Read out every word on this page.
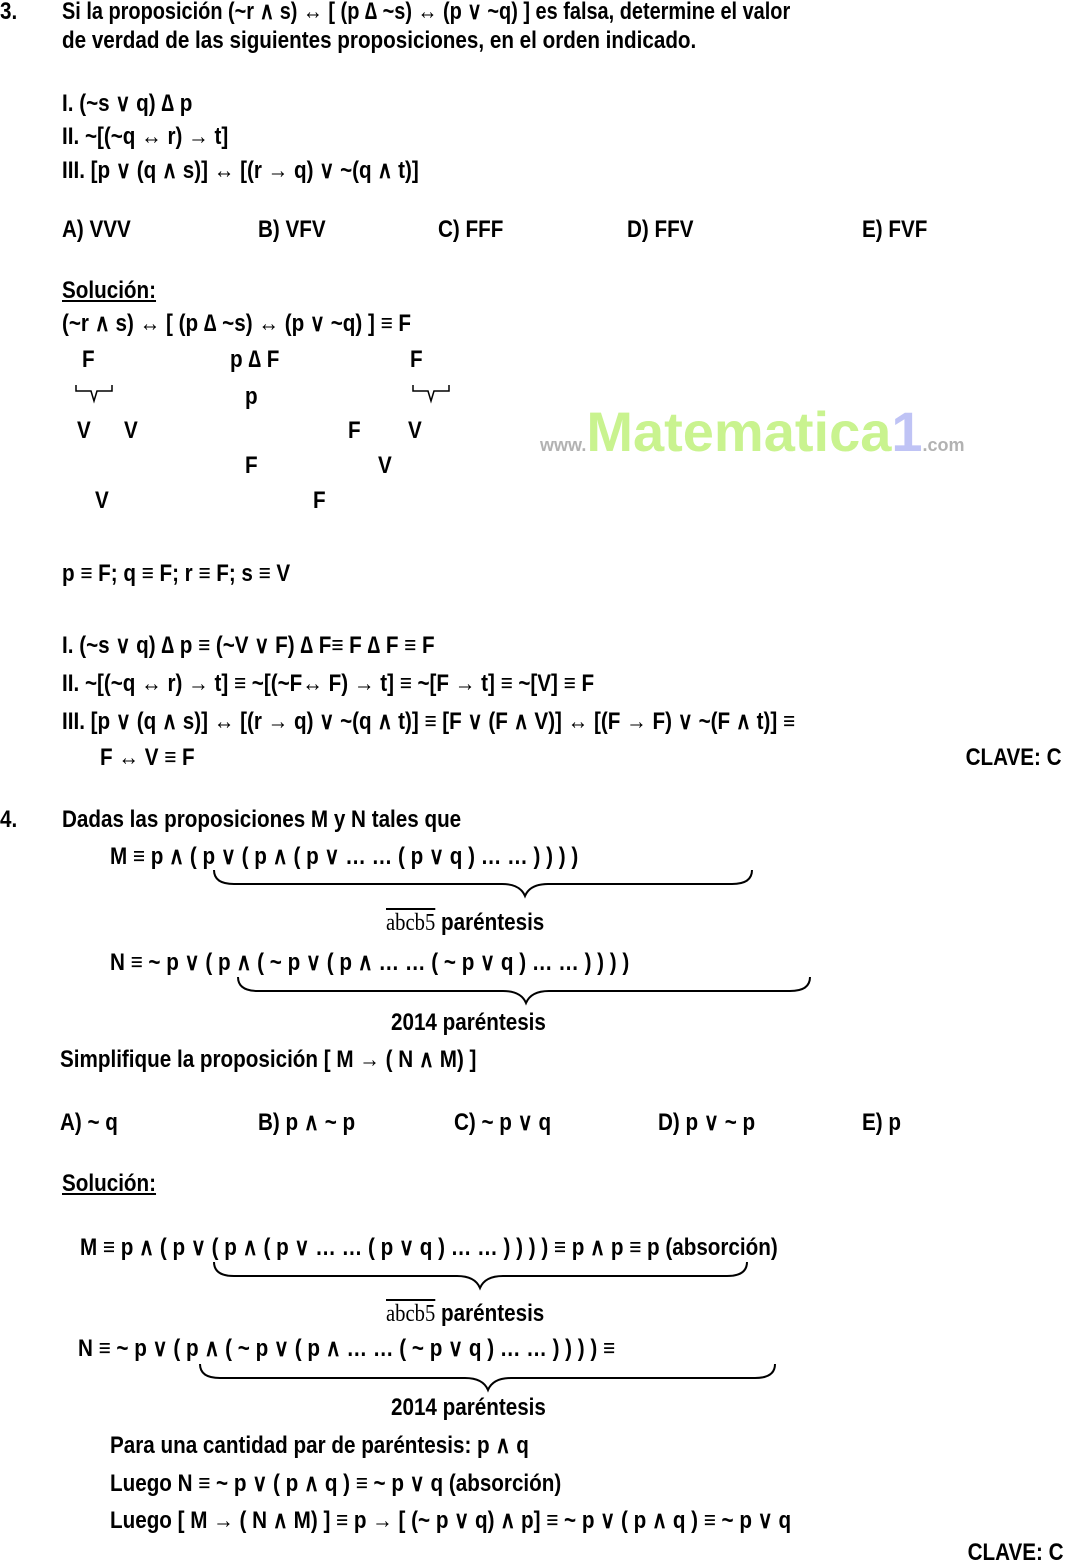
3. Si la proposición (~r ∧ s) ↔ [ (p ∆ ~s) ↔ (p ∨ ~q) ] es falsa, determine el valor
de verdad de las siguientes proposiciones, en el orden indicado.
I. (~s ∨ q) ∆ p
II. ~[(~q ↔ r) → t]
III. [p ∨ (q ∧ s)] ↔ [(r → q) ∨ ~(q ∧ t)]
A) VVV	B) VFV	C) FFF	D) FFV	E) FVF
Solución:
(~r ∧ s) ↔ [ (p ∆ ~s) ↔ (p ∨ ~q) ] ≡ F
F	p ∆ F	F
p
V V	F V
F	V
V	F
p ≡ F; q ≡ F; r ≡ F; s ≡ V
I. (~s ∨ q) ∆ p ≡ (~V ∨ F) ∆ F≡ F ∆ F ≡ F
II. ~[(~q ↔ r) → t] ≡ ~[(~F↔ F) → t] ≡ ~[F → t] ≡ ~[V] ≡ F
III. [p ∨ (q ∧ s)] ↔ [(r → q) ∨ ~(q ∧ t)] ≡ [F ∨ (F ∧ V)] ↔ [(F → F) ∨ ~(F ∧ t)] ≡
F ↔ V ≡ F	CLAVE: C
4. Dadas las proposiciones M y N tales que
M ≡ p ∧ ( p ∨ ( p ∧ ( p ∨ … … ( p ∨ q ) … … ) ) ) )
abcb5 paréntesis
N ≡ ~ p ∨ ( p ∧ ( ~ p ∨ ( p ∧ … … ( ~ p ∨ q ) … … ) ) ) )
2014 paréntesis
Simplifique la proposición [ M → ( N ∧ M) ]
A) ~ q	B) p ∧ ~ p	C) ~ p ∨ q	D) p ∨ ~ p	E) p
Solución:
M ≡ p ∧ ( p ∨ ( p ∧ ( p ∨ … … ( p ∨ q ) … … ) ) ) ) ≡ p ∧ p ≡ p (absorción)
abcb5 paréntesis
N ≡ ~ p ∨ ( p ∧ ( ~ p ∨ ( p ∧ … … ( ~ p ∨ q ) … … ) ) ) ) ≡
2014 paréntesis
Para una cantidad par de paréntesis: p ∧ q
Luego N ≡ ~ p ∨ ( p ∧ q ) ≡ ~ p ∨ q (absorción)
Luego [ M → ( N ∧ M) ] ≡ p → [ (~ p ∨ q) ∧ p] ≡ ~ p ∨ ( p ∧ q ) ≡ ~ p ∨ q
CLAVE: C
www.Matematica1.com
